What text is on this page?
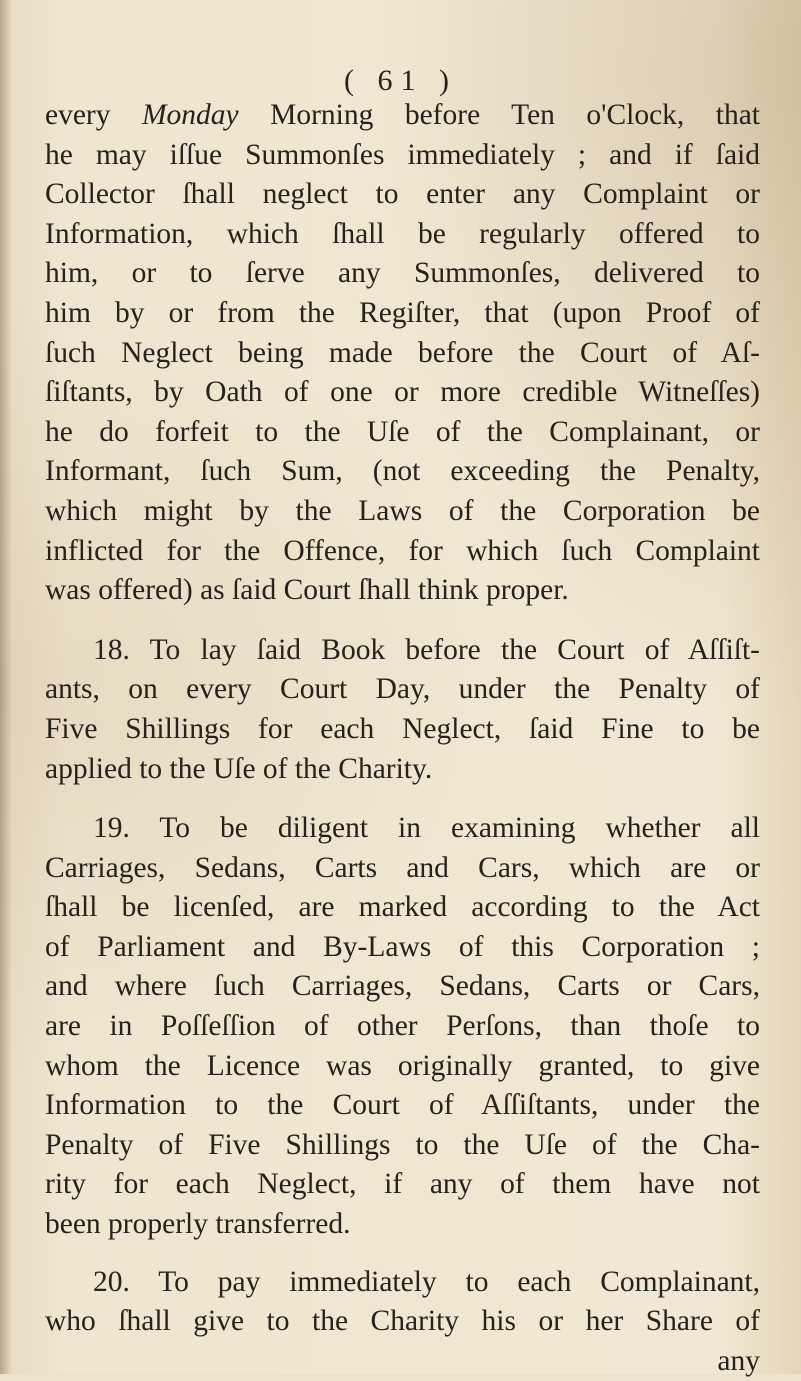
( 61 )
every Monday Morning before Ten o'Clock, that
he may iſſue Summonſes immediately ; and if ſaid
Collector ſhall neglect to enter any Complaint or
Information, which ſhall be regularly offered to
him, or to ſerve any Summonſes, delivered to
him by or from the Regiſter, that (upon Proof of
ſuch Neglect being made before the Court of Aſ-
ſiſtants, by Oath of one or more credible Witneſſes)
he do forfeit to the Uſe of the Complainant, or
Informant, ſuch Sum, (not exceeding the Penalty,
which might by the Laws of the Corporation be
inflicted for the Offence, for which ſuch Complaint
was offered) as ſaid Court ſhall think proper.
18. To lay ſaid Book before the Court of Aſſiſt-
ants, on every Court Day, under the Penalty of
Five Shillings for each Neglect, ſaid Fine to be
applied to the Uſe of the Charity.
19. To be diligent in examining whether all
Carriages, Sedans, Carts and Cars, which are or
ſhall be licenſed, are marked according to the Act
of Parliament and By-Laws of this Corporation ;
and where ſuch Carriages, Sedans, Carts or Cars,
are in Poſſeſſion of other Perſons, than thoſe to
whom the Licence was originally granted, to give
Information to the Court of Aſſiſtants, under the
Penalty of Five Shillings to the Uſe of the Cha-
rity for each Neglect, if any of them have not
been properly transferred.
20. To pay immediately to each Complainant,
who ſhall give to the Charity his or her Share of
any
